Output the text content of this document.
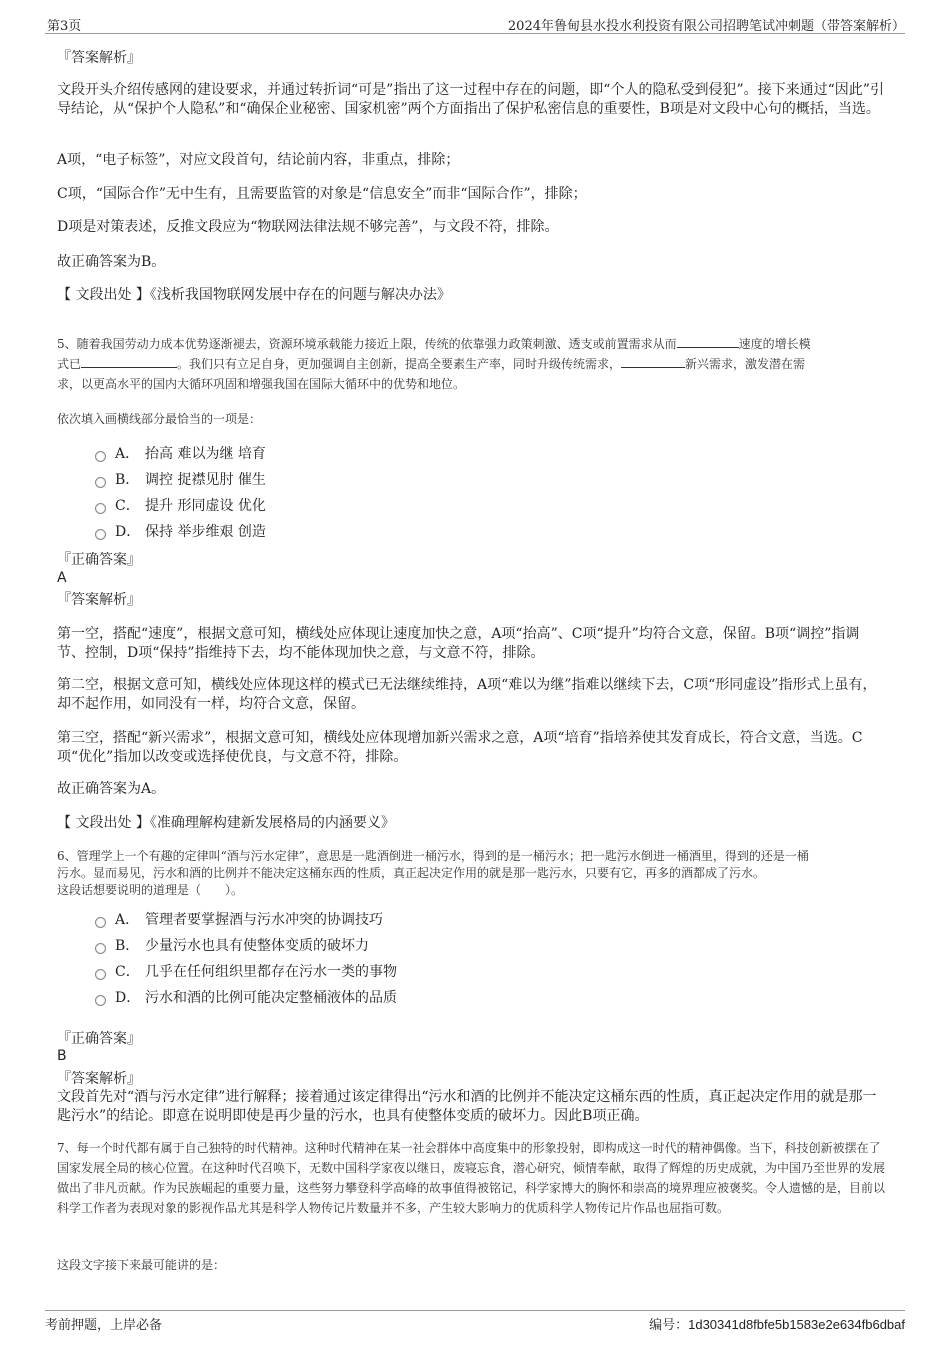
第3页	2024年鲁甸县水投水利投资有限公司招聘笔试冲刺题（带答案解析）
『答案解析』
文段开头介绍传感网的建设要求，并通过转折词“可是”指出了这一过程中存在的问题，即“个人的隐私受到侵犯”。接下来通过“因此”引导结论，从“保护个人隐私”和“确保企业秘密、国家机密”两个方面指出了保护私密信息的重要性，B项是对文段中心句的概括，当选。
A项，“电子标签”，对应文段首句，结论前内容，非重点，排除；
C项，“国际合作”无中生有，且需要监管的对象是“信息安全”而非“国际合作”，排除；
D项是对策表述，反推文段应为“物联网法律法规不够完善”，与文段不符，排除。
故正确答案为B。
【 文段出处 】《浅析我国物联网发展中存在的问题与解决办法》
5、随着我国劳动力成本优势逐渐褪去，资源环境承载能力接近上限，传统的依靠强力政策刺激、透支或前置需求从而	速度的增长模
式已	。我们只有立足自身，更加强调自主创新，提高全要素生产率，同时升级传统需求，	新兴需求，激发潜在需
求，以更高水平的国内大循环巩固和增强我国在国际大循环中的优势和地位。
依次填入画横线部分最恰当的一项是：
A． 抬高 难以为继 培育
B． 调控 捉襟见肘 催生
C． 提升 形同虚设 优化
D． 保持 举步维艰 创造
『正确答案』
A
『答案解析』
第一空，搭配“速度”，根据文意可知，横线处应体现让速度加快之意，A项“抬高”、C项“提升”均符合文意，保留。B项“调控”指调节、控制，D项“保持”指维持下去，均不能体现加快之意，与文意不符，排除。
第二空，根据文意可知，横线处应体现这样的模式已无法继续维持，A项“难以为继”指难以继续下去，C项“形同虚设”指形式上虽有，却不起作用，如同没有一样，均符合文意，保留。
第三空，搭配“新兴需求”，根据文意可知，横线处应体现增加新兴需求之意，A项“培育”指培养使其发育成长，符合文意，当选。C项“优化”指加以改变或选择使优良，与文意不符，排除。
故正确答案为A。
【 文段出处 】《准确理解构建新发展格局的内涵要义》
6、管理学上一个有趣的定律叫“酒与污水定律”，意思是一匙酒倒进一桶污水，得到的是一桶污水；把一匙污水倒进一桶酒里，得到的还是一桶
污水。显而易见，污水和酒的比例并不能决定这桶东西的性质，真正起决定作用的就是那一匙污水，只要有它，再多的酒都成了污水。
这段话想要说明的道理是（　　）。
A． 管理者要掌握酒与污水冲突的协调技巧
B． 少量污水也具有使整体变质的破坏力
C． 几乎在任何组织里都存在污水一类的事物
D． 污水和酒的比例可能决定整桶液体的品质
『正确答案』
B
『答案解析』
文段首先对“酒与污水定律”进行解释；接着通过该定律得出“污水和酒的比例并不能决定这桶东西的性质，真正起决定作用的就是那一匙污水”的结论。即意在说明即使是再少量的污水，也具有使整体变质的破坏力。因此B项正确。
7、每一个时代都有属于自己独特的时代精神。这种时代精神在某一社会群体中高度集中的形象投射，即构成这一时代的精神偶像。当下，科技创新被摆在了国家发展全局的核心位置。在这种时代召唤下，无数中国科学家夜以继日，废寝忘食，潜心研究，倾情奉献，取得了辉煌的历史成就，为中国乃至世界的发展做出了非凡贡献。作为民族崛起的重要力量，这些努力攀登科学高峰的故事值得被铭记，科学家博大的胸怀和崇高的境界理应被褒奖。令人遗憾的是，目前以科学工作者为表现对象的影视作品尤其是科学人物传记片数量并不多，产生较大影响力的优质科学人物传记片作品也屈指可数。
这段文字接下来最可能讲的是：
考前押题，上岸必备	编号：1d30341d8fbfe5b1583e2e634fb6dbaf
